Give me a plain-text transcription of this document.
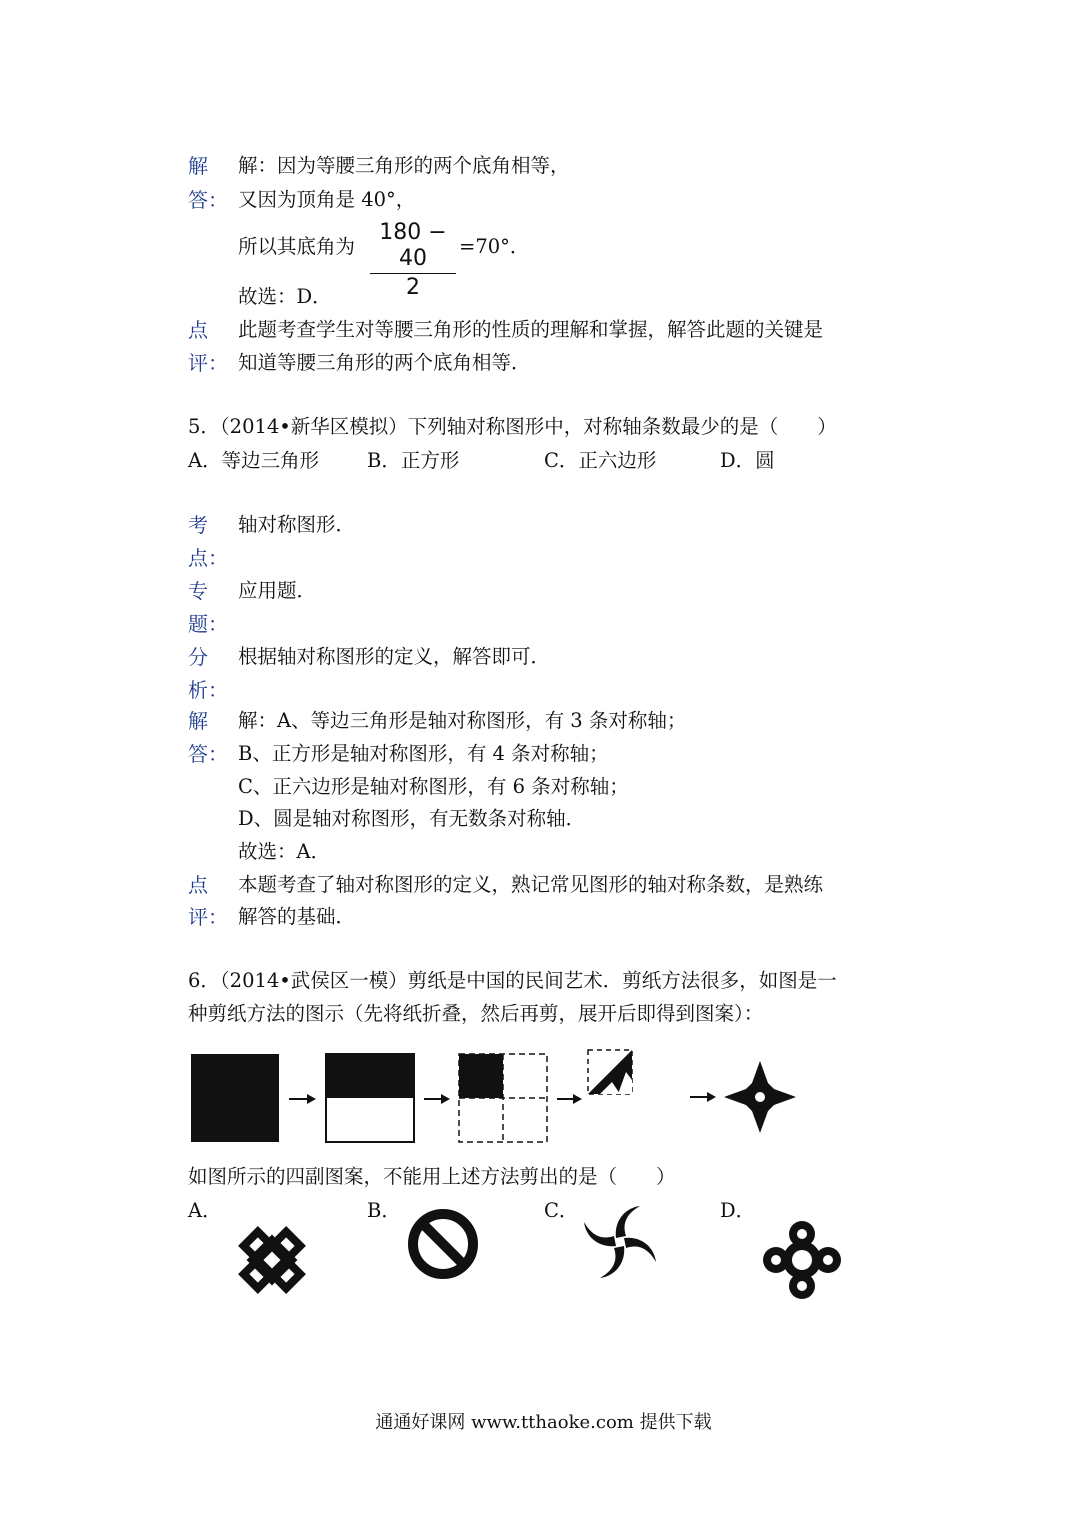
解
答：
解：因为等腰三角形的两个底角相等，
又因为顶角是 40°，
所以其底角为
180 − 40
2
=70°．
故选：D．
点
评：
此题考查学生对等腰三角形的性质的理解和掌握，解答此题的关键是
知道等腰三角形的两个底角相等．
5．（2014•新华区模拟）下列轴对称图形中，对称轴条数最少的是（　　）
A．等边三角形 B．正方形	C．正六边形	D．圆
考
点：
轴对称图形．
专
题：
应用题．
分
析：
根据轴对称图形的定义，解答即可．
解
答：
解：A、等边三角形是轴对称图形，有 3 条对称轴；
B、正方形是轴对称图形，有 4 条对称轴；
C、正六边形是轴对称图形，有 6 条对称轴；
D、圆是轴对称图形，有无数条对称轴．
故选：A．
点
评：
本题考查了轴对称图形的定义，熟记常见图形的轴对称条数，是熟练
解答的基础．
6．（2014•武侯区一模）剪纸是中国的民间艺术．剪纸方法很多，如图是一
种剪纸方法的图示（先将纸折叠，然后再剪，展开后即得到图案）：
如图所示的四副图案，不能用上述方法剪出的是（　　）
A．	B．	C．	D．
通通好课网 www.tthaoke.com 提供下载
